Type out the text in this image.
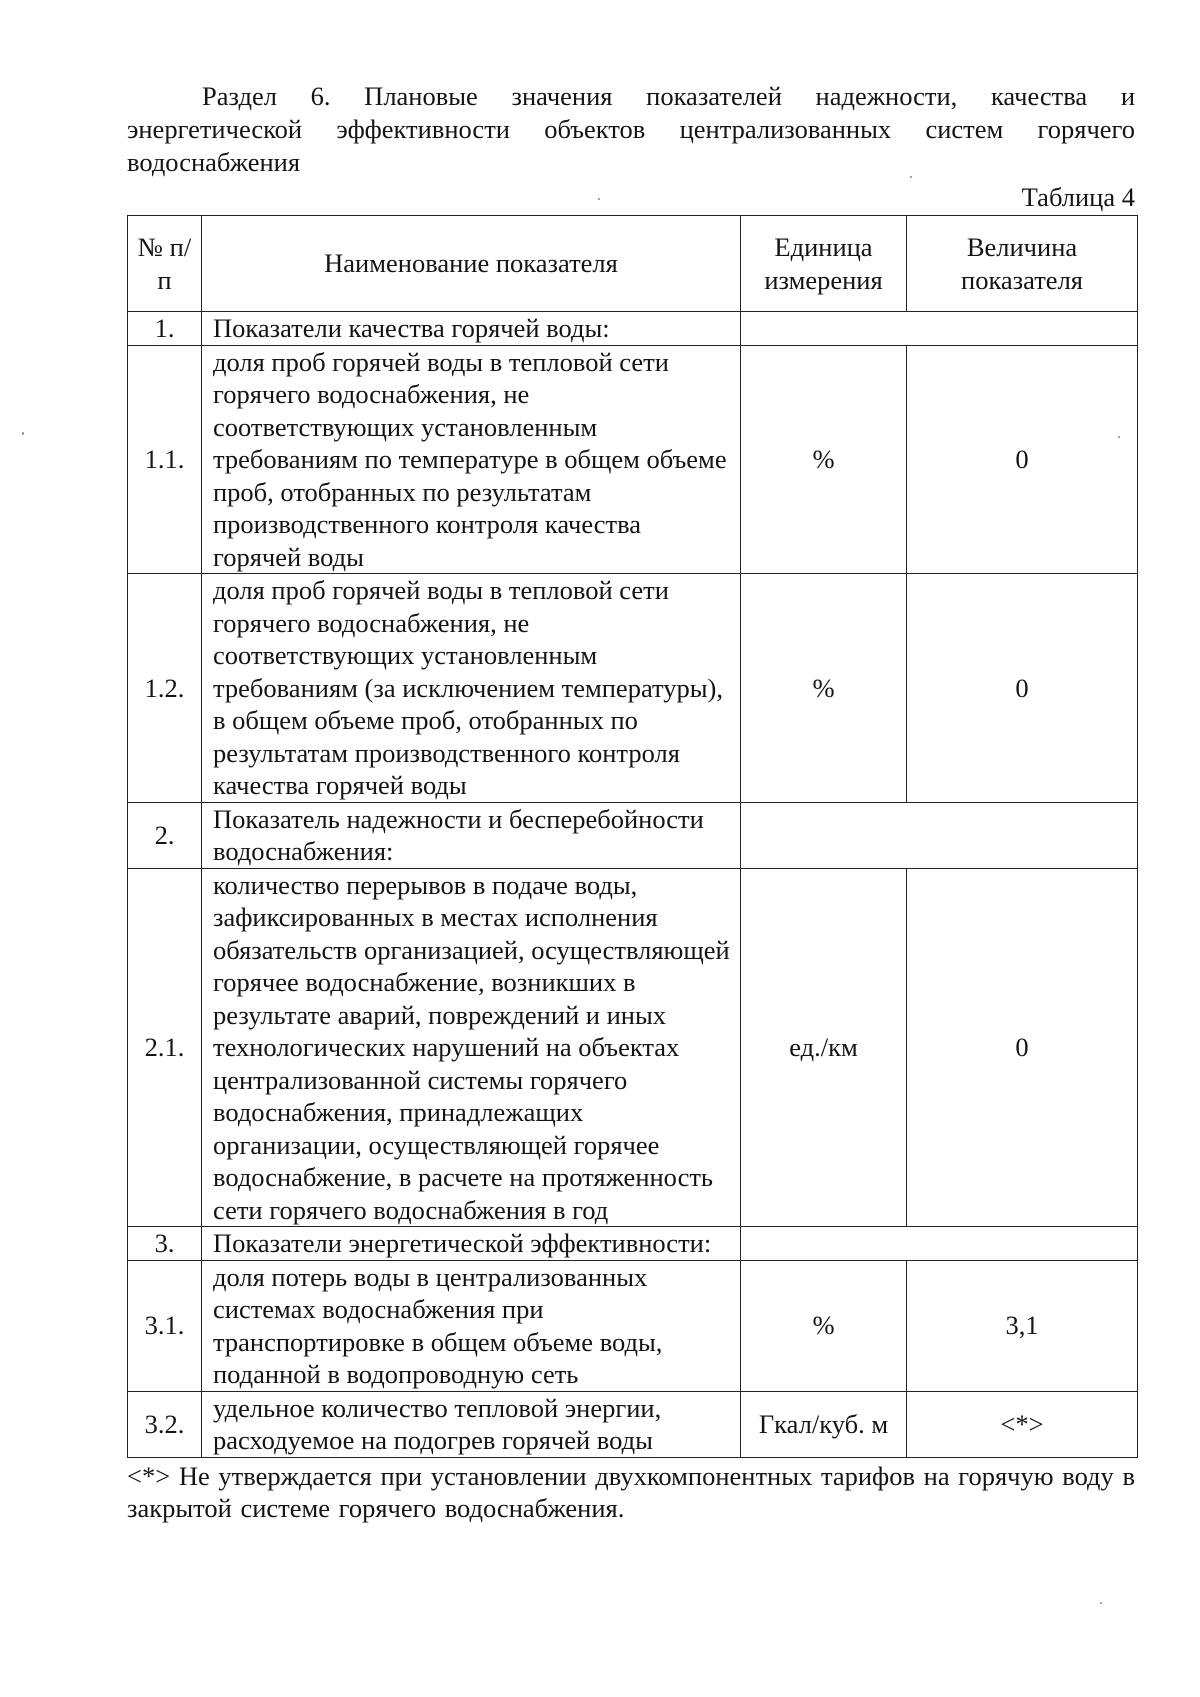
Раздел 6. Плановые значения показателей надежности, качества и энергетической эффективности объектов централизованных систем горячего водоснабжения

Таблица 4
№ п/п	Наименование показателя	Единица измерения	Величина показателя
1.	Показатели качества горячей воды:		
1.1.	доля проб горячей воды в тепловой сети горячего водоснабжения, не соответствующих установленным требованиям по температуре в общем объеме проб, отобранных по результатам производственного контроля качества горячей воды	%	0
1.2.	доля проб горячей воды в тепловой сети горячего водоснабжения, не соответствующих установленным требованиям (за исключением температуры), в общем объеме проб, отобранных по результатам производственного контроля качества горячей воды	%	0
2.	Показатель надежности и бесперебойности водоснабжения:		
2.1.	количество перерывов в подаче воды, зафиксированных в местах исполнения обязательств организацией, осуществляющей горячее водоснабжение, возникших в результате аварий, повреждений и иных технологических нарушений на объектах централизованной системы горячего водоснабжения, принадлежащих организации, осуществляющей горячее водоснабжение, в расчете на протяженность сети горячего водоснабжения в год	ед./км	0
3.	Показатели энергетической эффективности:		
3.1.	доля потерь воды в централизованных системах водоснабжения при транспортировке в общем объеме воды, поданной в водопроводную сеть	%	3,1
3.2.	удельное количество тепловой энергии, расходуемое на подогрев горячей воды	Гкал/куб. м	<*>

<*> Не утверждается при установлении двухкомпонентных тарифов на горячую воду в закрытой системе горячего водоснабжения.
